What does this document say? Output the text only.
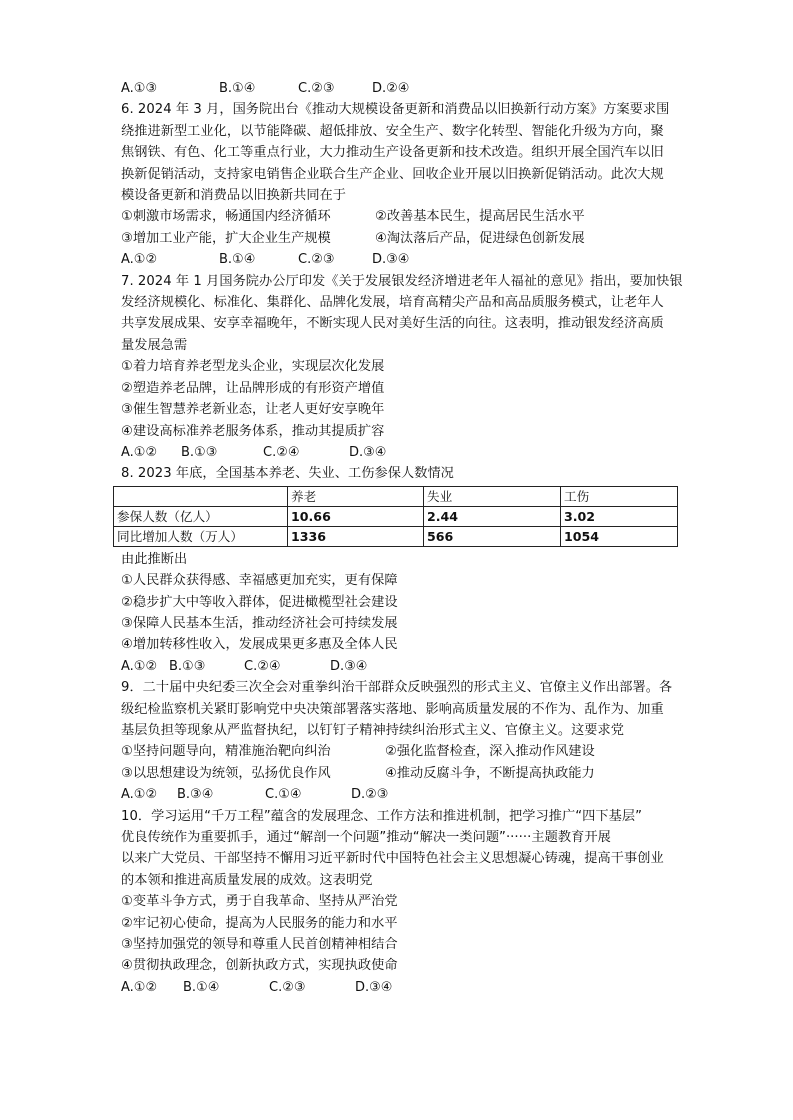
A.①③	B.①④	C.②③	D.②④
6. 2024 年 3 月，国务院出台《推动大规模设备更新和消费品以旧换新行动方案》方案要求围
绕推进新型工业化，以节能降碳、超低排放、安全生产、数字化转型、智能化升级为方向，聚
焦钢铁、有色、化工等重点行业，大力推动生产设备更新和技术改造。组织开展全国汽车以旧
换新促销活动，支持家电销售企业联合生产企业、回收企业开展以旧换新促销活动。此次大规
模设备更新和消费品以旧换新共同在于
①刺激市场需求，畅通国内经济循环	②改善基本民生，提高居民生活水平
③增加工业产能，扩大企业生产规模	④淘汰落后产品，促进绿色创新发展
A.①②	B.①④	C.②③	D.③④
7. 2024 年 1 月国务院办公厅印发《关于发展银发经济增进老年人福祉的意见》指出，要加快银
发经济规模化、标准化、集群化、品牌化发展，培育高精尖产品和高品质服务模式，让老年人
共享发展成果、安享幸福晚年，不断实现人民对美好生活的向往。这表明，推动银发经济高质
量发展急需
①着力培育养老型龙头企业，实现层次化发展
②塑造养老品牌，让品牌形成的有形资产增值
③催生智慧养老新业态，让老人更好安享晚年
④建设高标准养老服务体系，推动其提质扩容
A.①②	B.①③	C.②④	D.③④
8. 2023 年底，全国基本养老、失业、工伤参保人数情况
	养老	失业	工伤
参保人数（亿人）	10.66	2.44	3.02
同比增加人数（万人）	1336	566	1054
由此推断出
①人民群众获得感、幸福感更加充实，更有保障
②稳步扩大中等收入群体，促进橄榄型社会建设
③保障人民基本生活，推动经济社会可持续发展
④增加转移性收入，发展成果更多惠及全体人民
A.①② B.①③	C.②④	D.③④
9．二十届中央纪委三次全会对重拳纠治干部群众反映强烈的形式主义、官僚主义作出部署。各
级纪检监察机关紧盯影响党中央决策部署落实落地、影响高质量发展的不作为、乱作为、加重
基层负担等现象从严监督执纪，以钉钉子精神持续纠治形式主义、官僚主义。这要求党
①坚持问题导向，精准施治靶向纠治	②强化监督检查，深入推动作风建设
③以思想建设为统领，弘扬优良作风	④推动反腐斗争，不断提高执政能力
A.①②	B.③④	C.①④	D.②③
10．学习运用“千万工程”蕴含的发展理念、工作方法和推进机制，把学习推广“四下基层”
优良传统作为重要抓手，通过“解剖一个问题”推动“解决一类问题”······主题教育开展
以来广大党员、干部坚持不懈用习近平新时代中国特色社会主义思想凝心铸魂，提高干事创业
的本领和推进高质量发展的成效。这表明党
①变革斗争方式，勇于自我革命、坚持从严治党
②牢记初心使命，提高为人民服务的能力和水平
③坚持加强党的领导和尊重人民首创精神相结合
④贯彻执政理念，创新执政方式，实现执政使命
A.①②	B.①④	C.②③	D.③④
